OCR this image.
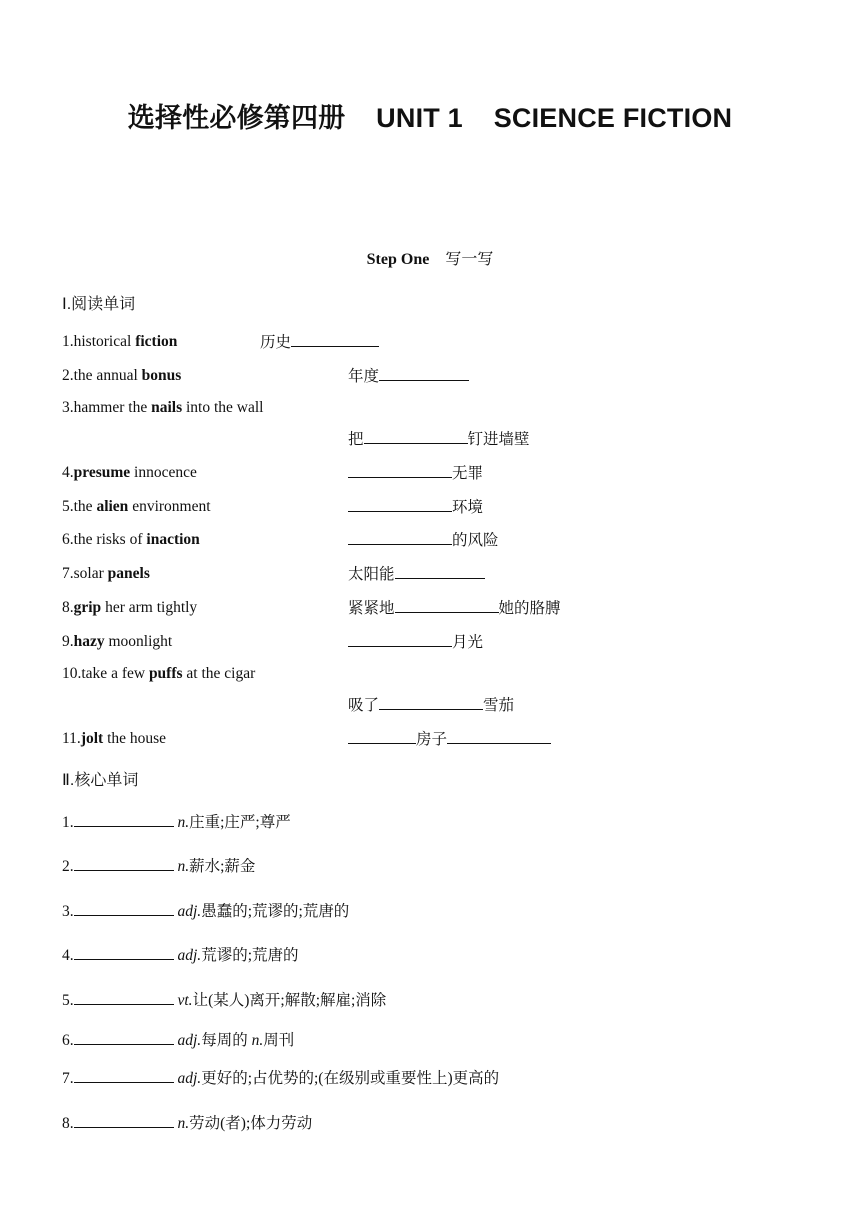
选择性必修第四册    UNIT 1    SCIENCE FICTION
Step One 写一写
Ⅰ.阅读单词
1.historical fiction	历史
2.the annual bonus	年度
3.hammer the nails into the wall
把	钉进墙壁
4.presume innocence	无罪
5.the alien environment	环境
6.the risks of inaction	的风险
7.solar panels	太阳能
8.grip her arm tightly	紧紧地	她的胳膊
9.hazy moonlight	月光
10.take a few puffs at the cigar
吸了	雪茄
11.jolt the house	房子
Ⅱ.核心单词
1.	n.庄重;庄严;尊严
2.	n.薪水;薪金
3.	adj.愚蠢的;荒谬的;荒唐的
4.	adj.荒谬的;荒唐的
5.	vt.让(某人)离开;解散;解雇;消除
6.	adj.每周的 n.周刊
7.	adj.更好的;占优势的;(在级别或重要性上)更高的
8.	n.劳动(者);体力劳动
